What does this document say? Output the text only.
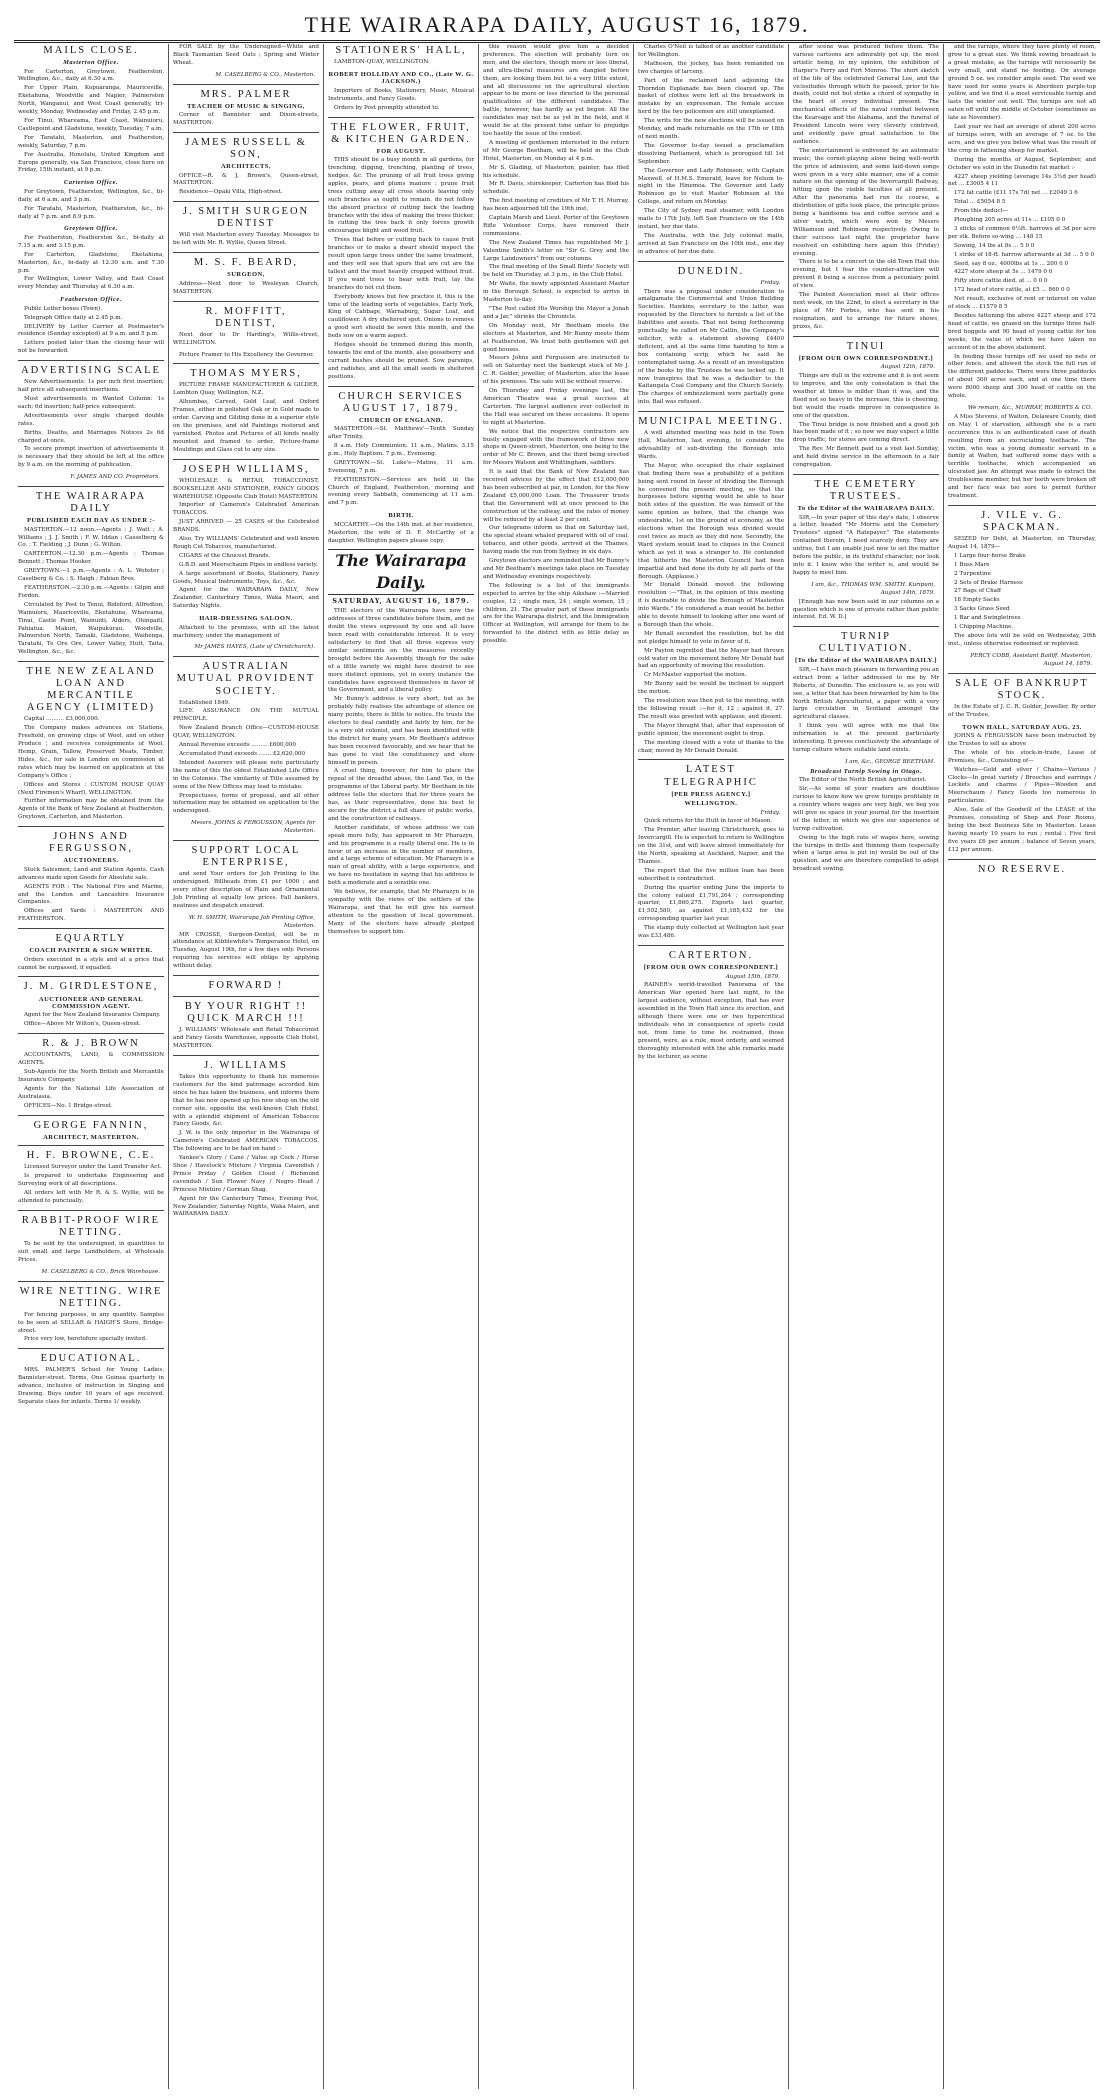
THE WAIRARAPA DAILY, AUGUST 16, 1879.
MAILS CLOSE.
Masterton Office.

For Carterton, Greytown, Featherston, Wellington, &c., daily at 6.30 a.m.

For Upper Plain, Kopuaranga, Mauriceville, Eketahuna, Woodville and Napier, Palmerston North, Wanganui, and West Coast generally, tri-weekly, Monday, Wednesday and Friday, 2.45 p.m.

For Tinui, Whareama, East Coast, Wainuioru, Castlepoint and Gladstone, weekly, Tuesday, 7 a.m.

For Taratahi, Masterton, and Featherston, weekly, Saturday, 7 p.m.

For Australia, Honolulu, United Kingdom and Europe generally, via San Francisco, close here on Friday, 15th instant, at 9 p.m.

Carterton Office.

For Greytown, Featherston, Wellington, &c., bi-daily, at 6 a.m. and 3 p.m.

For Taratahi, Masterton, Featherston, &c., bi-daily at 7 p.m. and 8.9 p.m.

Greytown Office.

For Featherston, Featherston &c., bi-daily at 7.15 a.m. and 3.15 p.m.

For Carterton, Gladstone, Eketahuna, Masterton, &c., bi-daily at 12.30 a.m. and 7.30 p.m.

For Wellington, Lower Valley, and East Coast every Monday and Thursday at 6.30 a.m.

Featherston Office.

Public Letter boxes (Town).

Telegraph Office daily at 2.45 p.m.

DELIVERY by Letter Carrier at Postmaster's residence (Sunday excepted) at 9 a.m. and 5 p.m.

Letters posted later than the closing hour will not be forwarded.

ADVERTISING SCALE

New Advertisements: 1s per inch first insertion; half price all subsequent insertions.

Most advertisements in Wanted Column: 1s each; 6d insertion; half-price subsequent.

Advertisements over single charged double rates.

Births, Deaths, and Marriages Notices 2s 6d charged at once.

To secure prompt insertion of advertisements it is necessary that they should be left at the office by 9 a.m. on the morning of publication.

F. JAMES AND CO. Proprietors.
THE WAIRARAPA DAILY
PUBLISHED EACH DAY AS UNDER :-

MASTERTON.—12 noon.—Agents : J. Watt ; A. Williams ; J. J. Smith ; F. W. Iddan ; Casselberg & Co. ; T. Fielding ; J. Dunn ; G. Wilton.

CARTERTON.—12.30 p.m.—Agents : Thomas Bennett ; Thomas Hooker.

GREYTOWN.—1 p.m.—Agents : A. L. Webster ; Caselberg & Co. ; S. Haigh ; Fabian Bros.

FEATHERSTON.—2.30 p.m.—Agents : Gilpin and Fordon.

Circulated by Post to Tenui, Bideford, Alfredton, Wainuioru, Mauriceville, Eketahuna, Whareama, Tinui, Castle Point, Wainuiiti, Alders, Ohingaiti, Pahiatua, Makuri, Waipukurau, Woodville, Palmerston North, Tamaki, Gladstone, Waihenga, Taratahi, Te Ore Ore, Lower Valley, Hutt, Taita, Wellington, &c., &c.

THE NEW ZEALAND LOAN AND MERCANTILE AGENCY (LIMITED)

Capital .......... £3,000,000.

The Company makes advances on Stations, Freehold, on growing clips of Wool, and on other Produce ; and receives consignments of Wool, Hemp, Grain, Tallow, Preserved Meats, Timber, Hides, &c., for sale in London on commission at rates which may be learned on application at the Company's Office ;

Offices and Stores : CUSTOM HOUSE QUAY (Next Firemen's Wharf), WELLINGTON.

Further information may be obtained from the Agents of the Bank of New Zealand at Featherston, Greytown, Carterton, and Masterton.

JOHNS AND FERGUSSON,
AUCTIONEERS.

Stock Salesmen, Land and Station Agents. Cash advances made upon Goods for Absolute sale.

AGENTS FOR : The National Fire and Marine, and the London and Lancashire Insurance Companies.

Offices and Yards : MASTERTON AND FEATHERSTON.

EQUARTLY
COACH PAINTER & SIGN WRITER.

Orders executed in a style and at a price that cannot be surpassed, if equalled.

J. M. GIRDLESTONE,
AUCTIONEER AND GENERAL COMMISSION AGENT.

Agent for the New Zealand Insurance Company.

Office—Above Mr Wilton's, Queen-street.

R. & J. BROWN

ACCOUNTANTS, LAND, & COMMISSION AGENTS.

Sub-Agents for the North British and Mercantile Insurance Company.

Agents for the National Life Association of Australasia.

OFFICES—No. 1 Bridge-street.

GEORGE FANNIN,
ARCHITECT, MASTERTON.
H. F. BROWNE, C.E.

Licensed Surveyor under the Land Transfer Act.

Is prepared to undertake Engineering and Surveying work of all descriptions.

All orders left with Mr R. & S. Wyllie, will be attended to punctually.

RABBIT-PROOF WIRE NETTING.

To be sold by the undersigned, in quantities to suit small and large Landholders, at Wholesale Prices.

M. CASELBERG & CO., Brick Warehouse.
WIRE NETTING. WIRE NETTING.

For fencing purposes, in any quantity. Samples to be seen at SELLAR & HAIGH'S Store, Bridge-street.

Price very low, heretofore specially invited.

EDUCATIONAL.

MRS. PALMER'S School for Young Ladies, Bannister-street. Terms, One Guinea quarterly in advance, inclusive of instruction in Singing and Drawing. Boys under 10 years of age received. Separate class for infants. Terms 1/ weekly.

FOR SALE by the Undersigned—White and Black Tasmanian Seed Oats ; Spring and Winter Wheat.

M. CASELBERG & CO., Masterton.
MRS. PALMER
TEACHER OF MUSIC & SINGING,

Corner of Bannister and Dixon-streets, MASTERTON.

JAMES RUSSELL & SON,
ARCHITECTS,

OFFICE—R. & J. Brown's, Queen-street, MASTERTON.

Residence—Opaki Villa, High-street.

J. SMITH SURGEON DENTIST

Will visit Masterton every Tuesday. Messages to be left with Mr. R. Wyllie, Queen Street.

M. S. F. BEARD,
SURGEON,

Address—Next door to Wesleyan Church, MASTERTON.

R. MOFFITT, DENTIST,

Next door to Dr Harding's, Willis-street, WELLINGTON.

Picture Framer to His Excellency the Governor.

THOMAS MYERS,

PICTURE FRAME MANUFACTURER & GILDER, Lambton Quay, Wellington, N.Z.

Albumbas, Carved, Gold Leaf, and Oxford Frames, either in polished Oak or in Gold made to order. Carving and Gilding done in a superior style on the premises, and old Paintings restored and varnished. Photos and Pictures of all kinds neatly mounted and framed to order. Picture-frame Mouldings and Glass cut to any size.

JOSEPH WILLIAMS,

WHOLESALE & RETAIL TOBACCONIST, BOOKSELLER AND STATIONER, FANCY GOODS WAREHOUSE (Opposite Club Hotel) MASTERTON.

Importer of Cameron's Celebrated American TOBACCOS.

JUST ARRIVED — 25 CASES of the Celebrated BRANDS.

Also, Try WILLIAMS' Celebrated and well known Rough Cut Tobaccos, manufactured.

CIGARS of the Choicest Brands.

G.B.D. and Meerschaum Pipes in endless variety.

A large assortment of Books, Stationery, Fancy Goods, Musical Instruments, Toys, &c., &c.

Agent for the WAIRARAPA DAILY, New Zealander, Canterbury Times, Waka Maori, and Saturday Nights.

HAIR-DRESSING SALOON.

Attached to the premises, with all the latest machinery, under the management of

Mr JAMES HAYES, (Late of Christchurch).
AUSTRALIAN MUTUAL PROVIDENT SOCIETY.

Established 1849.

LIFE ASSURANCE ON THE MUTUAL PRINCIPLE.

New Zealand Branch Office—CUSTOM-HOUSE QUAY, WELLINGTON.

Annual Revenue exceeds ......... £600,000

Accumulated Fund exceeds ....... £2,620,000

Intended Assurers will please note particularly the name of this the oldest Established Life Office in the Colonies. The similarity of Title assumed by some of the New Offices may lead to mistake.

Prospectuses, forms of proposal, and all other information may be obtained on application to the undersigned.

Messrs. JOHNS & FERGUSSON, Agents for Masterton.
SUPPORT LOCAL ENTERPRISE,

and send Your orders for Job Printing to the undersigned. Billheads from £1 per 1000 ; and every other description of Plain and Ornamental Job Printing at equally low prices. Fall bankers, neatness and despatch ensured.

W. H. SMITH, Wairarapa Job Printing Office, Masterton.

MR CROSSE, Surgeon-Dentist, will be in attendance at Kibblewhite's Temperance Hotel, on Tuesday, August 19th, for a few days only. Persons requiring his services will oblige by applying without delay.

FORWARD !
BY YOUR RIGHT !! QUICK MARCH !!!

J. WILLIAMS' Wholesale and Retail Tobacconist and Fancy Goods Warehouse, opposite Club Hotel, MASTERTON.

J. WILLIAMS

Takes this opportunity to thank his numerous customers for the kind patronage accorded him since he has taken the business, and informs them that he has now opened up his new shop on the old corner site, opposite the well-known Club Hotel, with a splendid shipment of American Tobaccos Fancy Goods, &c.

J. W. is the only importer in the Wairarapa of Cameron's Celebrated AMERICAN TOBACCOS. The following are to be had on hand :-

Yankee's Glory / Cane / Value up Cock / Horse Shoe / Havelock's Mixture / Virginia Cavendish / Prince Priday / Golden Cloud / Richmond cavendish / Sun Flower Navy / Negro Head / Princess Mixture / Gorman Shag.

Agent for the Canterbury Times, Evening Post, New Zealander, Saturday Nights, Waka Maori, and WAIRARAPA DAILY.

STATIONERS' HALL,

LAMBTON-QUAY, WELLINGTON.

ROBERT HOLLIDAY AND CO., (Late W. G. JACKSON.)

Importers of Books, Stationery, Music, Musical Instruments, and Fancy Goods.

Orders by Post promptly attended to.

THE FLOWER, FRUIT, & KITCHEN GARDEN.
FOR AUGUST.

THIS should be a busy month in all gardens, for trenching, digging, trenching, planting of trees, hedges, &c. The pruning of all fruit trees giving apples, pears, and plums manure ; prune fruit trees cutting away all cross shoots leaving only such branches as ought to remain, do not follow the absurd practice of cutting back the leading branches with the idea of making the trees thicker. In cutting the tree back it only forces growth encourages blight and wood fruit.

Trees that before or cutting back to cause fruit branches or to make a dwarf should inspect the result upon large trees under the same treatment, and they will see that spurs that are cut are the tallest and the most heavily cropped without fruit. If you want trees to bear with fruit, lay the branches do not cut them.

Everybody knows but few practice it, this is the time of the leading sorts of vegetables, Early York, King of Cabbage, Warnaburg, Sugar Loaf, and cauliflower. A dry sheltered spot. Onions to remove a good sort should be sown this month, and the beds sow on a warm aspect.

Hedges should be trimmed during this month, towards the end of the month, also gooseberry and currant bushes should be pruned. Sow parsnips, and radishes, and all the small seeds in sheltered positions.

CHURCH SERVICES AUGUST 17, 1879.
CHURCH OF ENGLAND.

MASTERTON.—St. Matthews'—Tenth Sunday after Trinity.

8 a.m. Holy Communion. 11 a.m., Matins. 3.15 p.m., Holy Baptism. 7 p.m., Evensong.

GREYTOWN.—St. Luke's—Matins, 11 a.m. Evensong, 7 p.m.

FEATHERSTON.—Services are held in the Church of England, Featherston, morning and evening every Sabbath, commencing at 11 a.m. and 7 p.m.

BIRTH.

MCCARTHY.—On the 14th inst. at her residence, Masterton, the wife of D. F. McCarthy of a daughter. Wellington papers please copy.

The Wairarapa Daily.
SATURDAY, AUGUST 16, 1879.

THE electors of the Wairarapa have now the addresses of three candidates before them, and no doubt the views expressed by one and all have been read with considerable interest. It is very satisfactory to find that all three express very similar sentiments on the measures recently brought before the Assembly, though for the sake of a little variety we might have desired to see more distinct opinions, yet in every instance the candidates have expressed themselves in favor of the Government, and a liberal policy.

Mr Bunny's address is very short, but as he probably fully realises the advantage of silence on many points, there is little to notice. He trusts the electors to deal candidly and fairly by him, for he is a very old colonist, and has been identified with the district for many years. Mr Beetham's address has been received favourably, and we hear that he has gone to visit the constituency and show himself in person.

A cruel thing, however, for him to place the repeal of the dreadful abuse, the Land Tax, in the programme of the Liberal party. Mr Beetham in his address tells the electors that for three years he has, as their representative, done his best to secure for the district a full share of public works, and the construction of railways.

Another candidate, of whose address we can speak more fully, has appeared in Mr Pharazyn, and his programme is a really liberal one. He is in favor of an increase in the number of members, and a large scheme of education. Mr Pharazyn is a man of great ability, with a large experience, and we have no hesitation in saying that his address is both a moderate and a sensible one.

We believe, for example, that Mr Pharazyn is in sympathy with the views of the settlers of the Wairarapa, and that he will give his earnest attention to the question of local government. Many of the electors have already pledged themselves to support him.

this reason would give him a decided preference. The election will probably turn on men, and the electors, though more or less liberal, and ultra-liberal measures are dangled before them, are looking them but to a very little extent, and all discussions on the agricultural election appear to be more or less directed to the personal qualifications of the different candidates. The battle, however, has hardly as yet begun. All the candidates may not be as yet in the field, and it would be at the present time unfair to prejudge too hastily the issue of the contest.

A meeting of gentlemen interested in the return of Mr George Beetham, will be held in the Club Hotel, Masterton, on Monday at 4 p.m.

Mr S. Glading, of Masterton, painter, has filed his schedule.

Mr R. Davis, storekeeper, Carterton has filed his schedule.

The first meeting of creditors of Mr T. H. Murray, has been adjourned till the 19th inst.

Captain Marsh and Lieut. Porter of the Greytown Rifle Volunteer Corps, have removed their commissions.

The New Zealand Times has republished Mr J. Valentine Smith's letter on "Sir G. Grey and the Large Landowners" from our columns.

The final meeting of the Small Birds' Society will be held on Thursday, at 3 p.m., in the Club Hotel.

Mr Waite, the newly appointed Assistant Master in the Borough School, is expected to arrive in Masterton to-day.

"The Post called His Worship the Mayor a Jonah and a Jar," shrieks the Chronicle.

On Monday next, Mr Beetham meets the electors at Masterton, and Mr Bunny meets them at Featherston. We trust both gentlemen will get good houses.

Messrs Johns and Fergusson are instructed to sell on Saturday next the bankrupt stock of Mr J. C. R. Golder, jeweller, of Masterton, also the lease of his premises. The sale will be without reserve.

On Thursday and Friday evenings last, the American Theatre was a great success at Carterton. The largest audience ever collected in the Hall was secured on these occasions. It opens to night at Masterton.

We notice that the respective contractors are busily engaged with the framework of three new shops in Queen-street, Masterton, one being to the order of Mr C. Brown, and the third being erected for Messrs Watson and Whittingham, saddlers.

It is said that the Bank of New Zealand has received advices by the effect that £12,000,000 has been subscribed at par, in London, for the New Zealand £5,000,000 Loan. The Treasurer trusts that the Government will at once proceed to the construction of the railway, and the rates of money will be reduced by at least 2 per cent.

Our telegrams inform us that on Saturday last, the special steam whaled prepared with oil of coal, tobacco, and other goods, arrived at the Thames, having made the run from Sydney in six days.

Greytown electors are reminded that Mr Bunny's and Mr Beetham's meetings take place on Tuesday and Wednesday evenings respectively.

The following is a list of the immigrants expected to arrive by the ship Aikshaw :—Married couples, 12 ; single men, 24 ; single women, 15 ; children, 21. The greater part of these immigrants are for the Wairarapa district, and the Immigration Officer at Wellington, will arrange for them to be forwarded to the district with as little delay as possible.

Charles O'Neil is talked of as another candidate for Wellington.

Matheson, the jockey, has been remanded on two charges of larceny.

Part of the reclaimed land adjoining the Thorndon Esplanade has been cleared up. The basket of clothes were left at the breastwork in mistake by an expressman. The female accuse herd by the two policemen are still unexplained.

The writs for the new elections will be issued on Monday, and made returnable on the 17th or 18th of next month.

The Governor to-day issued a proclamation dissolving Parliament, which is prorogued till 1st September.

The Governor and Lady Robinson, with Captain Maxwell, of H.M.S. Emerald, leave for Nelson to-night in the Hinemoa. The Governor and Lady Robinson go to visit Master Robinson at the College, and return on Monday.

The City of Sydney mail steamer, with London mails to 17th July, left San Francisco on the 14th instant, her due date.

The Australia, with the July colonial mails, arrived at San Francisco on the 10th inst., one day in advance of her due date.

DUNEDIN.
Friday.

There was a proposal under consideration to amalgamate the Commercial and Union Building Societies. Hawkins, secretary to the latter, was requested by the Directors to furnish a list of the liabilities and assets. That not being forthcoming punctually, he called on Mr Catlin, the Company's solicitor, with a statement showing £4400 deficient, and at the same time handing to him a box containing scrip, which he said he contemplated using. As a result of an investigation of the books by the Trustees he was locked up. It now transpires that he was a defaulter to the Kaitangata Coal Company and the Church Society. The charges of embezzlement were partially gone into. Bail was refused.

MUNICIPAL MEETING.

A well attended meeting was held in the Town Hall, Masterton, last evening, to consider the advisability of sub-dividing the Borough into Wards.

The Mayor, who occupied the chair explained that finding there was a probability of a petition being sent round in favor of dividing the Borough he convened the present meeting, so that the burgesses before signing would be able to hear both sides of the question. He was himself of the same opinion as before, that the change was undesirable, 1st on the ground of economy, as the elections when the Borough was divided would cost twice as much as they did now. Secondly, the Ward system would lead to cliques in the Council which as yet it was a stranger to. He contended that hitherto the Masterton Council had been impartial and had done its duty by all parts of the Borough. (Applause.)

Mr Donald Donald moved the following resolution :—"That, in the opinion of this meeting it is desirable to divide the Borough of Masterton into Wards." He considered a man would be better able to devote himself to looking after one ward of a Borough than the whole.

Mr Renall seconded the resolution, but he did not pledge himself to vote in favor of it.

Mr Payton regretted that the Mayor had thrown cold water on the movement before Mr Donald had had an opportunity of moving the resolution.

Cr McMaster supported the motion.

Mr Bunny said he would be inclined to support the motion.

The resolution was then put to the meeting, with the following result :—for it, 12 ; against it, 27. The result was greeted with applause, and dissent.

The Mayor thought that, after that expression of public opinion, the movement ought to drop.

The meeting closed with a vote of thanks to the chair, moved by Mr Donald Donald.

LATEST TELEGRAPHIC
[PER PRESS AGENCY.]
WELLINGTON.
Friday.

Quick returns for the Hutt in favor of Mason.

The Premier, after leaving Christchurch, goes to Invercargill. He is expected to return to Wellington on the 31st, and will leave almost immediately for the North, speaking at Auckland, Napier, and the Thames.

The report that the five million loan has been subscribed is contradicted.

During the quarter ending June the imports to the colony valued £1,791,264 ; corresponding quarter, £1,860,275. Exports last quarter, £1,502,580, as against £1,185,432 for the corresponding quarter last year.

The stamp duty collected at Wellington last year was £33,486.

CARTERTON.
[FROM OUR OWN CORRESPONDENT.]
August 15th, 1879.

RAINER's world-travelled Panorama of the American War opened here last night, to the largest audience, without exception, that has ever assembled in the Town Hall since its erection, and although there were one or two hypercritical individuals who in consequence of sports could not, from time to time be restrained, those present, were, as a rule, most orderly, and seemed thoroughly interested with the able remarks made by the lecturer, as scene

after scene was produced before them. The various cartoons are admirably got up, the most artistic being, in my opinion, the exhibition of Harper's Ferry and Fort Monroe. The short sketch of the life of the celebrated General Lee, and the vicissitudes through which he passed, prior to his death, could not but strike a chord of sympathy in the heart of every individual present. The mechanical effects of the naval combat between the Kearsage and the Alabama, and the funeral of President Lincoln were very cleverly contrived, and evidently gave great satisfaction to the audience.

The entertainment is enlivened by an automatic music, the cornet-playing alone being well-worth the price of admission, and some laid-down songs were given in a very able manner, one of a comic nature on the opening of the Invercargill Railway, hitting upon the visible faculties of all present. After the panorama had run its course, a distribution of gifts took place, the principle prizes being a handsome tea and coffee service and a silver watch, which were won by Messrs Williamson and Robinson respectively. Owing to their success last night the proprietor have resolved on exhibiting here again this (Friday) evening.

There is to be a concert in the old Town Hall this evening, but I fear the counter-attraction will prevent it being a success from a pecuniary point of view.

The Painted Association meet at their offices next week, on the 22nd, to elect a secretary in the place of Mr Forbes, who has sent in his resignation, and to arrange for future shows, prizes, &c.

TINUI
[FROM OUR OWN CORRESPONDENT.]
August 12th, 1879.

Things are dull in the extreme and it is not seem to improve, and the only consolation is that the weather at times is milder than it was, and the flood not so heavy in the increase, this is cheering, but would the roads improve in consequence is one of the question.

The Tinui bridge is now finished and a good job has been made of it ; so now we may expect a little drop traffic, for stores are coming direct.

The Rev. Mr Bennett paid us a visit last Sunday, and held divine service in the afternoon to a fair congregation.

THE CEMETERY TRUSTEES.
To the Editor of the WAIRARAPA DAILY.

SIR,—In your paper of this day's date, I observe a letter, headed "Mr Morris and the Cemetery Trustees" signed "A Ratepayer." The statements contained therein, I need scarcely deny. They are untrue, but I am unable just now to set the matter before the public, in its truthful character, nor look into it. I know who the writer is, and would be happy to meet him.

I am, &c., THOMAS WM. SMITH. Kuripuni, August 14th, 1879.

[Enough has now been said in our columns on a question which is one of private rather than public interest. Ed. W. D.]

TURNIP CULTIVATION.
[To the Editor of the WAIRARAPA DAILY.]

SIR,—I have much pleasure in forwarding you an extract from a letter addressed to me by Mr Roberts, of Dunedin. The enclosure is, as you will see, a letter that has been forwarded by him to the North British Agriculturist, a paper with a very large circulation in Scotland amongst the agricultural classes.

I think you will agree with me that the information is at the present particularly interesting. It proves conclusively the advantage of turnip culture where suitable land exists.

I am, &c., GEORGE BEETHAM.
Broadcast Turnip Sowing in Otago.

The Editor of the North British Agriculturist.

Sir,—As some of your readers are doubtless curious to know how we grow turnips profitably in a country where wages are very high, we beg you will give us space in your journal for the insertion of the letter, in which we give our experience of turnip cultivation.

Owing to the high rate of wages here, sowing the turnips in drills and thinning them (especially when a large area is put in) would be out of the question, and we are therefore compelled to adopt broadcast sowing.

and the turnips, where they have plenty of room, grow to a great size. We think sowing broadcast is a great mistake, as the turnips will necessarily be very small, and stand no feeding. On average ground 5 oz. we consider ample seed. The seed we have used for some years is Aberdeen purple-top yellow, and we find it a most serviceable turnip and lasts the winter out well. The turnips are not all eaten off until the middle of October (sometimes as late as November).

Last year we had an average of about 200 acres of turnips sown, with an average of 7 oz. to the acre, and we give you below what was the result of the crop in fattening sheep for market.

During the months of August, September, and October we sold in the Dunedin fat market :-

4227 sheep yielding (average 14s 3½d per head) net ... £3005 4 11

172 fat cattle (£11 17s 7d) net ... £2049 3 6

Total ... £5054 8 5

From this deduct—

Ploughing 205 acres at 11s ... £105 0 0

3 sticks of common 6½ft. harrows at 3d per acre per stk. Before so-wing ... 148 15

Sowing, 14 lbs at 8s ... 5 0 0

1 strike of 18-ft. harrow afterwards at 3d ... 5 0 0

Seed, say 8 oz., 4000lbs at 1s ... 200 0 0

4227 store sheep at 5s ... 1479 0 0

Fifty store cattle died, at ... 0 0 0

172 head of store cattle, at £5 ... 860 0 0

Net result, exclusive of rent or interest on value of stock ... £1579 8 5

Besides fattening the above 4227 sheep and 172 head of cattle, we grazed on the turnips three half-bred hoggets and 90 head of young cattle for ten weeks, the value of which we have taken no account of in the above statement.

In feeding these turnips off we used no nets or other fence, and allowed the stock the full run of the different paddocks. There were three paddocks of about 300 acres each, and at one time there were 8000 sheep and 300 head of cattle on the whole.

We remain, &c., MURRAY, ROBERTS & CO.

A Miss Stevens, of Walton, Delaware County, died on May 1 of starvation, although she is a rare occurrence this is an authenticated case of death resulting from an excruciating toothache. The victim, who was a young domestic servant in a family at Walton, had suffered some days with a terrible toothache, which accompanied an ulcerated jaw. An attempt was made to extract the troublesome member, but her teeth were broken off and her face was too sore to permit further treatment.

J. VILE v. G. SPACKMAN.

SEIZED for Debt, at Masterton, on Thursday, August 14, 1879—

1 Large four-horse Brake

1 Buss Mare

2 Turpentine

2 Sets of Brake Harness

27 Bags of Chaff

18 Empty Sacks

3 Sacks Grass Seed

1 Bar and Swingletrees

1 Chipping Machine.

The above lots will be sold on Wednesday, 20th inst., unless otherwise redeemed or replevied.

PERCY COBB, Assistant Bailiff. Masterton, August 14, 1879.
SALE OF BANKRUPT STOCK.

In the Estate of J. C. R. Golder, Jeweller, By order of the Trustee.

TOWN HALL, SATURDAY AUG. 23.

JOHNS & FERGUSSON have been instructed by the Trustee to sell as above

The whole of his stock-in-trade, Lease of Premises, &c., Consisting of—

Watches—Gold and silver / Chains—Various / Clocks—In great variety / Brooches and earrings / Lockets and charms / Pipes—Wooden and Meerschaum / Fancy Goods too numerous to particularize.

Also, Sale of the Goodwill of the LEASE of the Premises, consisting of Shop and Four Rooms, being the best Business Site in Masterton. Lease having nearly 10 years to run ; rental : Five first five years £6 per annum ; balance of Seven years, £12 per annum.

NO RESERVE.
